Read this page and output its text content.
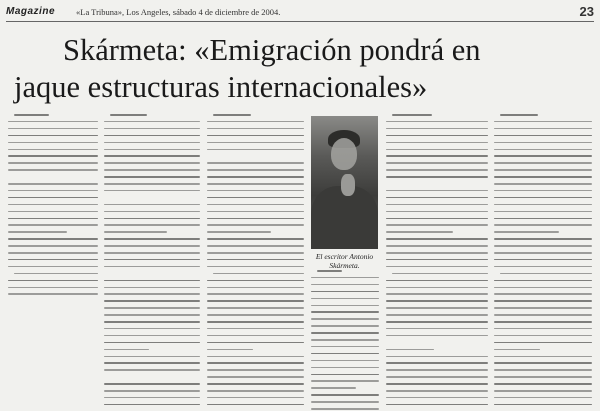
Magazine «La Tribuna», Los Angeles, sábado 4 de diciembre de 2004.	23
Skármeta: «Emigración pondrá en
jaque estructuras internacionales»
El escritor Antonio
Skármeta.
